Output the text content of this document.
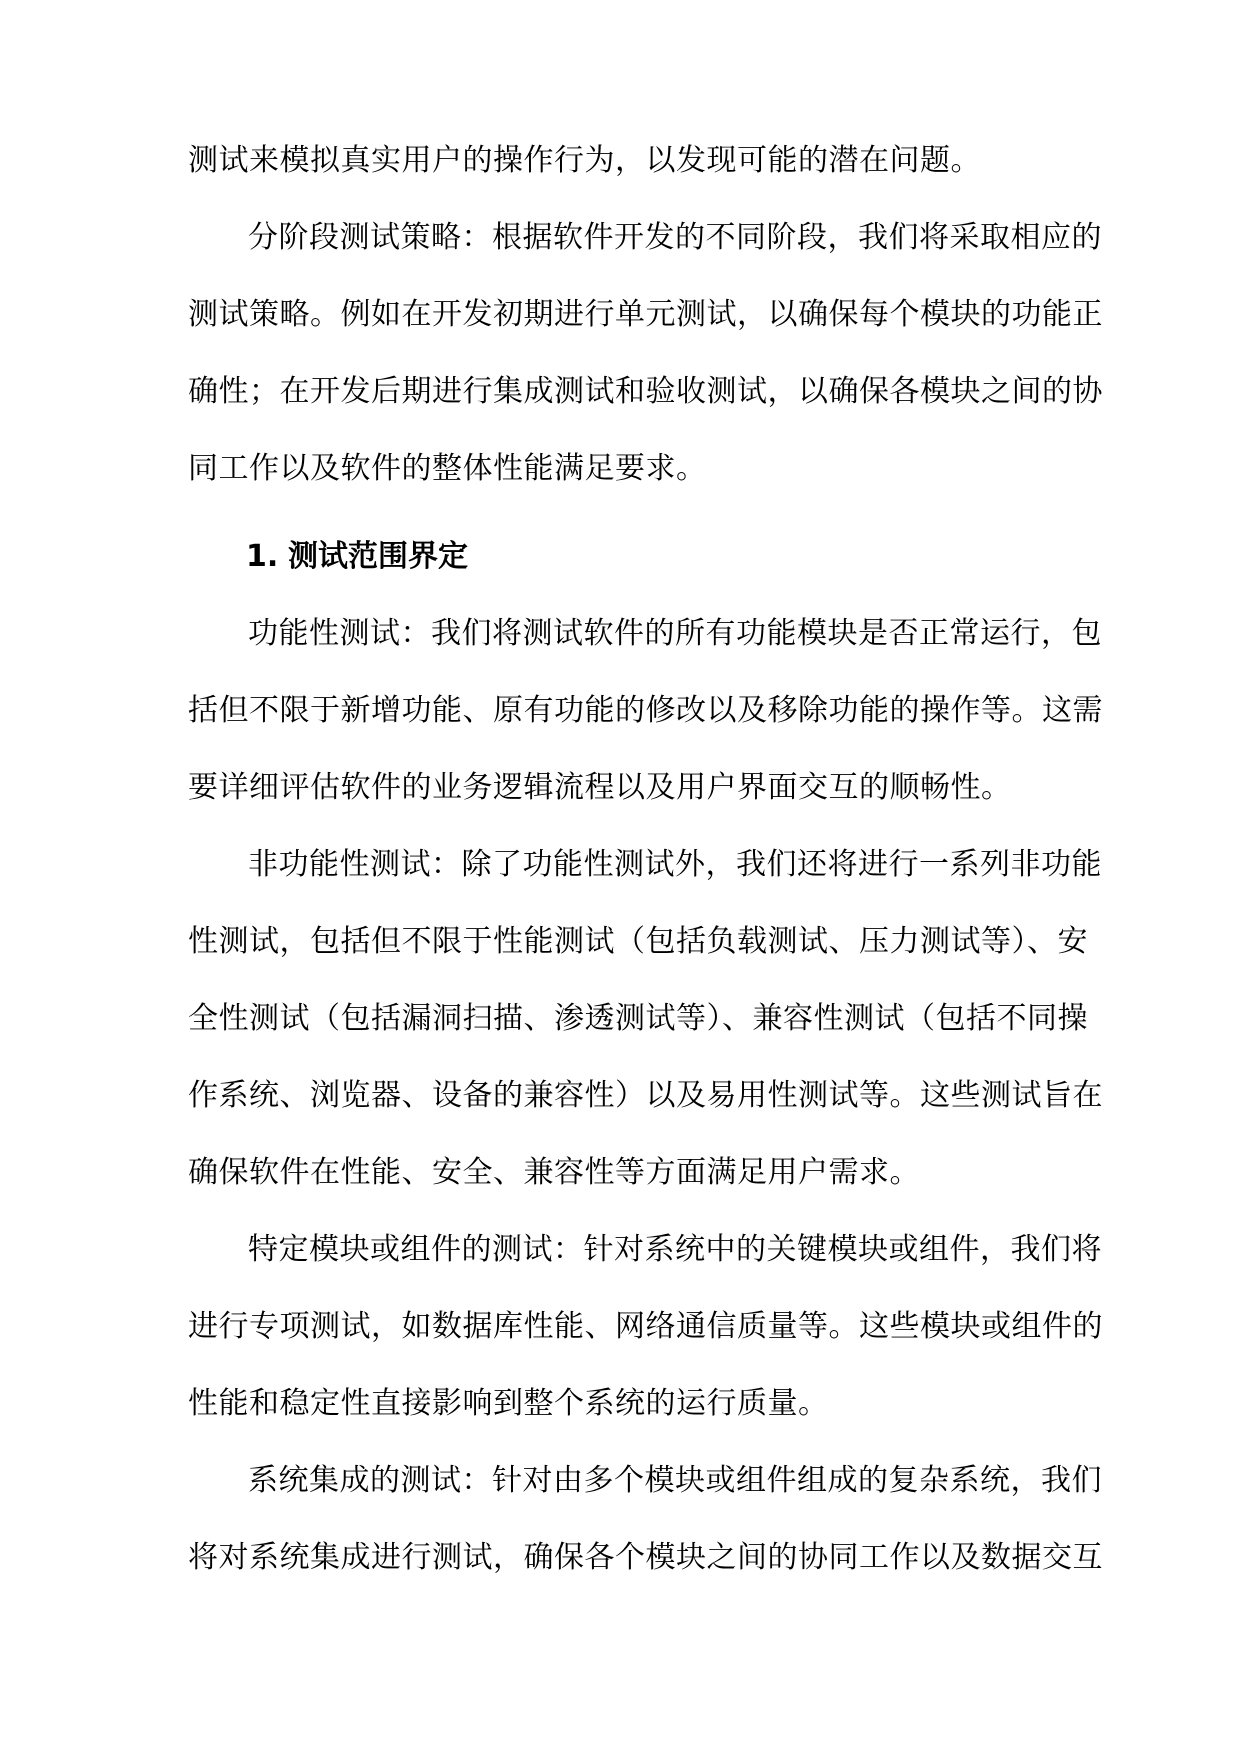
测试来模拟真实用户的操作行为，以发现可能的潜在问题。
分阶段测试策略：根据软件开发的不同阶段，我们将采取相应的
测试策略。例如在开发初期进行单元测试，以确保每个模块的功能正
确性；在开发后期进行集成测试和验收测试，以确保各模块之间的协
同工作以及软件的整体性能满足要求。
1. 测试范围界定
功能性测试：我们将测试软件的所有功能模块是否正常运行，包
括但不限于新增功能、原有功能的修改以及移除功能的操作等。这需
要详细评估软件的业务逻辑流程以及用户界面交互的顺畅性。
非功能性测试：除了功能性测试外，我们还将进行一系列非功能
性测试，包括但不限于性能测试（包括负载测试、压力测试等）、安
全性测试（包括漏洞扫描、渗透测试等）、兼容性测试（包括不同操
作系统、浏览器、设备的兼容性）以及易用性测试等。这些测试旨在
确保软件在性能、安全、兼容性等方面满足用户需求。
特定模块或组件的测试：针对系统中的关键模块或组件，我们将
进行专项测试，如数据库性能、网络通信质量等。这些模块或组件的
性能和稳定性直接影响到整个系统的运行质量。
系统集成的测试：针对由多个模块或组件组成的复杂系统，我们
将对系统集成进行测试，确保各个模块之间的协同工作以及数据交互
